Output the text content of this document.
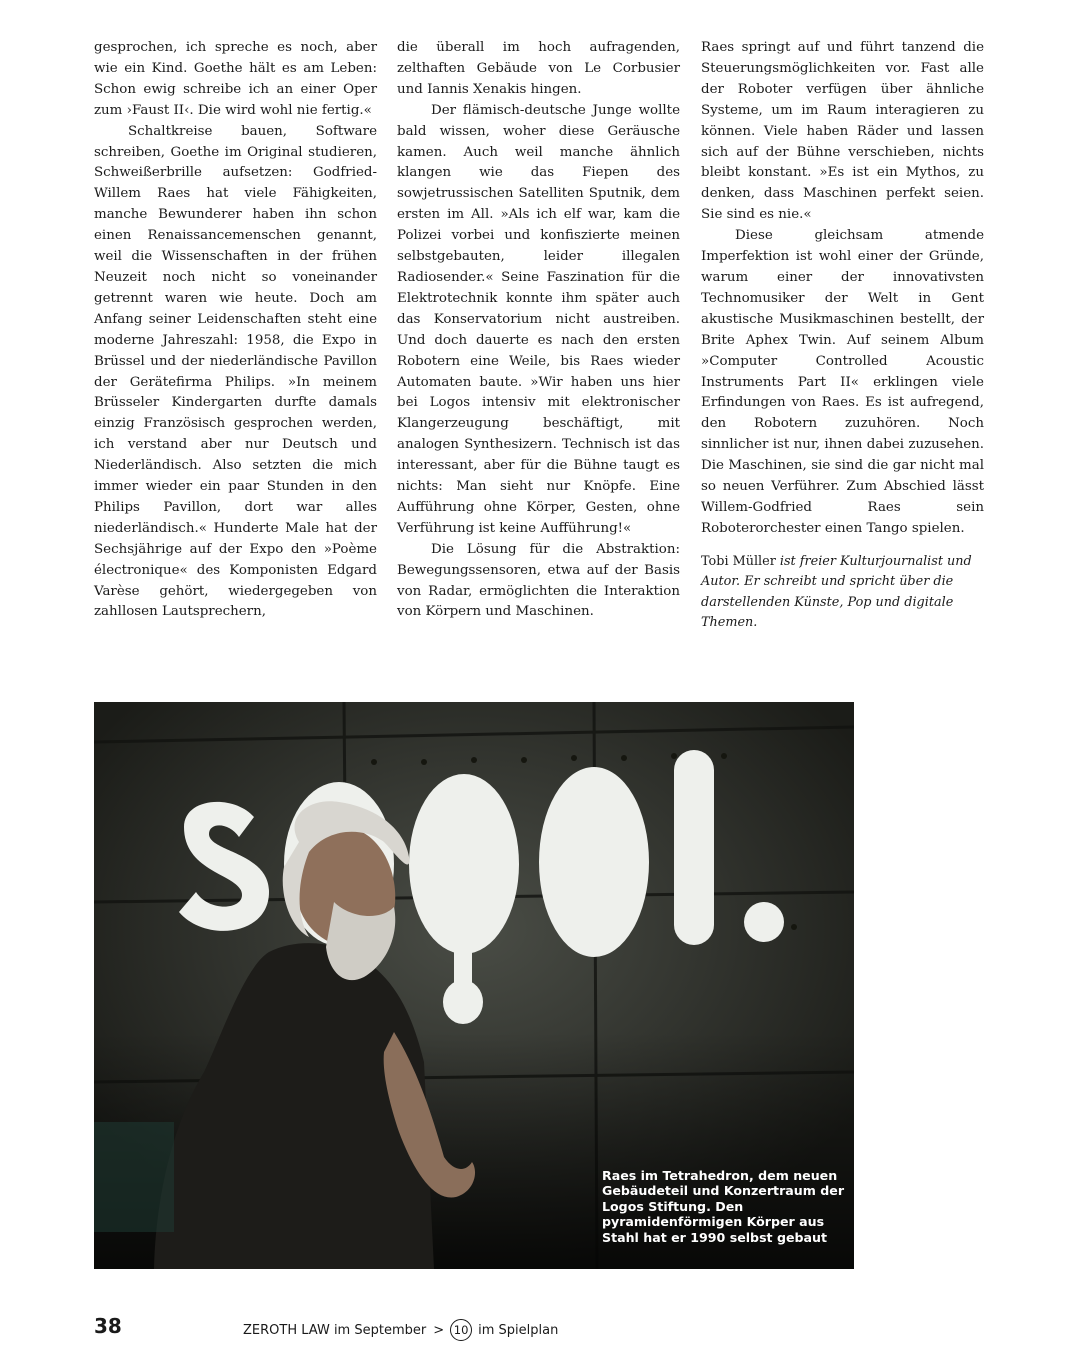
gesprochen, ich spreche es noch, aber wie ein Kind. Goethe hält es am Leben: Schon ewig schreibe ich an einer Oper zum ›Faust II‹. Die wird wohl nie fertig.«

Schaltkreise bauen, Software schreiben, Goethe im Original studieren, Schweißerbrille aufsetzen: Godfried-Willem Raes hat viele Fähigkeiten, manche Bewunderer haben ihn schon einen Renaissancemenschen genannt, weil die Wissenschaften in der frühen Neuzeit noch nicht so voneinander getrennt waren wie heute. Doch am Anfang seiner Leidenschaften steht eine moderne Jahreszahl: 1958, die Expo in Brüssel und der niederländische Pavillon der Gerätefirma Philips. »In meinem Brüsseler Kindergarten durfte damals einzig Französisch gesprochen werden, ich verstand aber nur Deutsch und Niederländisch. Also setzten die mich immer wieder ein paar Stunden in den Philips Pavillon, dort war alles niederländisch.« Hunderte Male hat der Sechsjährige auf der Expo den »Poème électronique« des Komponisten Edgard Varèse gehört, wiedergegeben von zahllosen Lautsprechern,

die überall im hoch aufragenden, zelthaften Gebäude von Le Corbusier und Iannis Xenakis hingen.

Der flämisch-deutsche Junge wollte bald wissen, woher diese Geräusche kamen. Auch weil manche ähnlich klangen wie das Fiepen des sowjetrussischen Satelliten Sputnik, dem ersten im All. »Als ich elf war, kam die Polizei vorbei und konfiszierte meinen selbstgebauten, leider illegalen Radiosender.« Seine Faszination für die Elektrotechnik konnte ihm später auch das Konservatorium nicht austreiben. Und doch dauerte es nach den ersten Robotern eine Weile, bis Raes wieder Automaten baute. »Wir haben uns hier bei Logos intensiv mit elektronischer Klangerzeugung beschäftigt, mit analogen Synthesizern. Technisch ist das interessant, aber für die Bühne taugt es nichts: Man sieht nur Knöpfe. Eine Aufführung ohne Körper, Gesten, ohne Verführung ist keine Aufführung!«

Die Lösung für die Abstraktion: Bewegungssensoren, etwa auf der Basis von Radar, ermöglichten die Interaktion von Körpern und Maschinen.

Raes springt auf und führt tanzend die Steuerungsmöglichkeiten vor. Fast alle der Roboter verfügen über ähnliche Systeme, um im Raum interagieren zu können. Viele haben Räder und lassen sich auf der Bühne verschieben, nichts bleibt konstant. »Es ist ein Mythos, zu denken, dass Maschinen perfekt seien. Sie sind es nie.«

Diese gleichsam atmende Imperfektion ist wohl einer der Gründe, warum einer der innovativsten Technomusiker der Welt in Gent akustische Musikmaschinen bestellt, der Brite Aphex Twin. Auf seinem Album »Computer Controlled Acoustic Instruments Part II« erklingen viele Erfindungen von Raes. Es ist aufregend, den Robotern zuzuhören. Noch sinnlicher ist nur, ihnen dabei zuzusehen. Die Maschinen, sie sind die gar nicht mal so neuen Verführer. Zum Abschied lässt Willem-Godfried Raes sein Roboterorchester einen Tango spielen.

Tobi Müller ist freier Kulturjournalist und Autor. Er schreibt und spricht über die darstellenden Künste, Pop und digitale Themen.

Raes im Tetrahedron, dem neuen Gebäudeteil und Konzertraum der Logos Stiftung. Den pyramidenförmigen Körper aus Stahl hat er 1990 selbst gebaut
38	ZEROTH LAW im September > 10 im Spielplan
